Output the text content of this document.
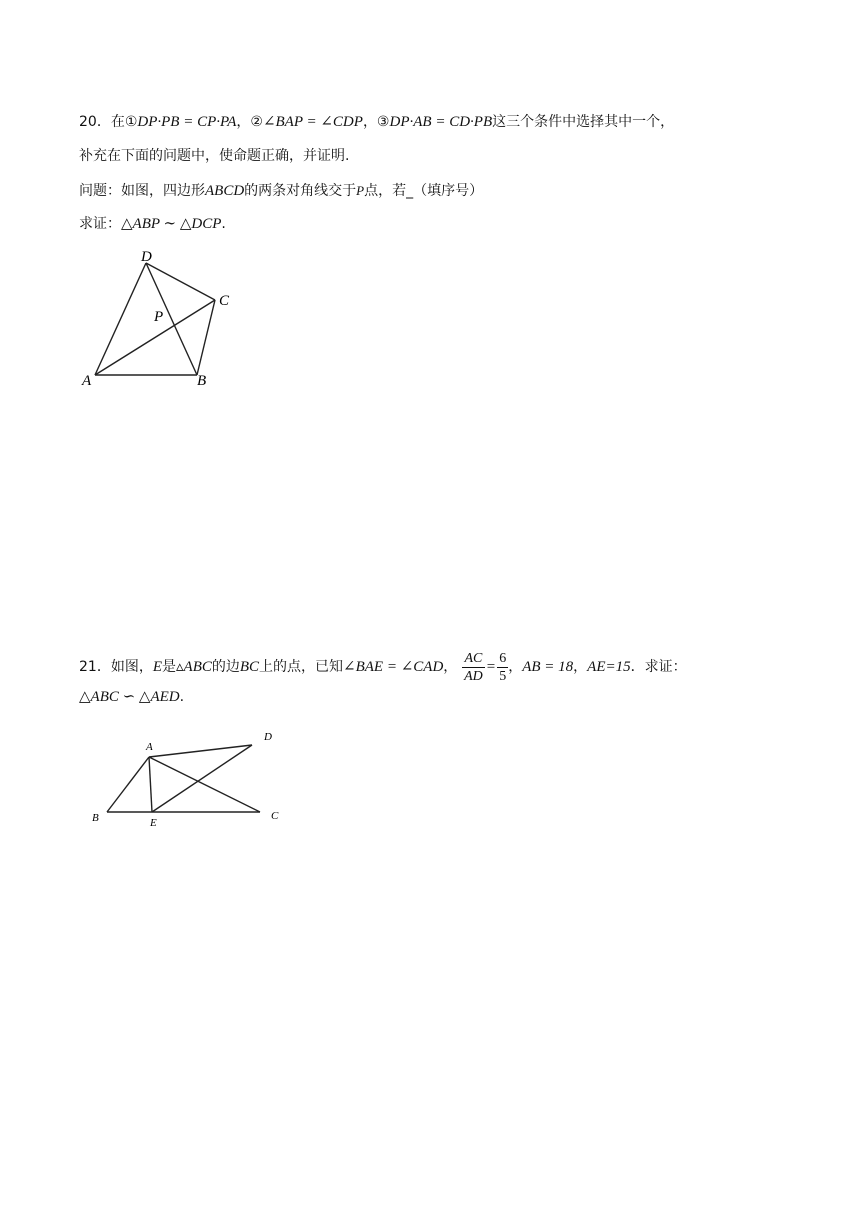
20．在①DP·PB = CP·PA，②∠BAP = ∠CDP，③DP·AB = CD·PB这三个条件中选择其中一个，
补充在下面的问题中，使命题正确，并证明.
问题：如图，四边形ABCD的两条对角线交于P点，若_（填序号）
求证：△ABP ∼ △DCP.
D
C
P
A	B
21．如图，E是▵ABC的边BC上的点，已知∠BAE = ∠CAD， $\frac{AC}{AD} = \frac{6}{5}$ ，AB = 18，AE=15．求证：
△ABC ∽ △AED.
A
D
B	E
C
